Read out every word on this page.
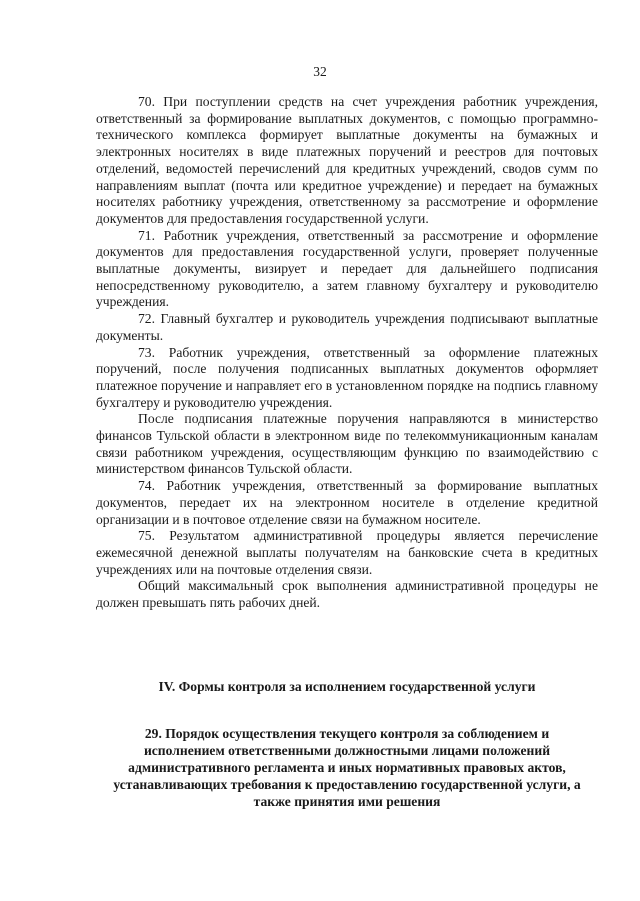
32

70. При поступлении средств на счет учреждения работник учреждения, ответственный за формирование выплатных документов, с помощью программно-технического комплекса формирует выплатные документы на бумажных и электронных носителях в виде платежных поручений и реестров для почтовых отделений, ведомостей перечислений для кредитных учреждений, сводов сумм по направлениям выплат (почта или кредитное учреждение) и передает на бумажных носителях работнику учреждения, ответственному за рассмотрение и оформление документов для предоставления государственной услуги.

71. Работник учреждения, ответственный за рассмотрение и оформление документов для предоставления государственной услуги, проверяет полученные выплатные документы, визирует и передает для дальнейшего подписания непосредственному руководителю, а затем главному бухгалтеру и руководителю учреждения.

72. Главный бухгалтер и руководитель учреждения подписывают выплатные документы.

73. Работник учреждения, ответственный за оформление платежных поручений, после получения подписанных выплатных документов оформляет платежное поручение и направляет его в установленном порядке на подпись главному бухгалтеру и руководителю учреждения.

После подписания платежные поручения направляются в министерство финансов Тульской области в электронном виде по телекоммуникационным каналам связи работником учреждения, осуществляющим функцию по взаимодействию с министерством финансов Тульской области.

74. Работник учреждения, ответственный за формирование выплатных документов, передает их на электронном носителе в отделение кредитной организации и в почтовое отделение связи на бумажном носителе.

75. Результатом административной процедуры является перечисление ежемесячной денежной выплаты получателям на банковские счета в кредитных учреждениях или на почтовые отделения связи.

Общий максимальный срок выполнения административной процедуры не должен превышать пять рабочих дней.

IV. Формы контроля за исполнением государственной услуги
29. Порядок осуществления текущего контроля за соблюдением и исполнением ответственными должностными лицами положений административного регламента и иных нормативных правовых актов, устанавливающих требования к предоставлению государственной услуги, а также принятия ими решения
